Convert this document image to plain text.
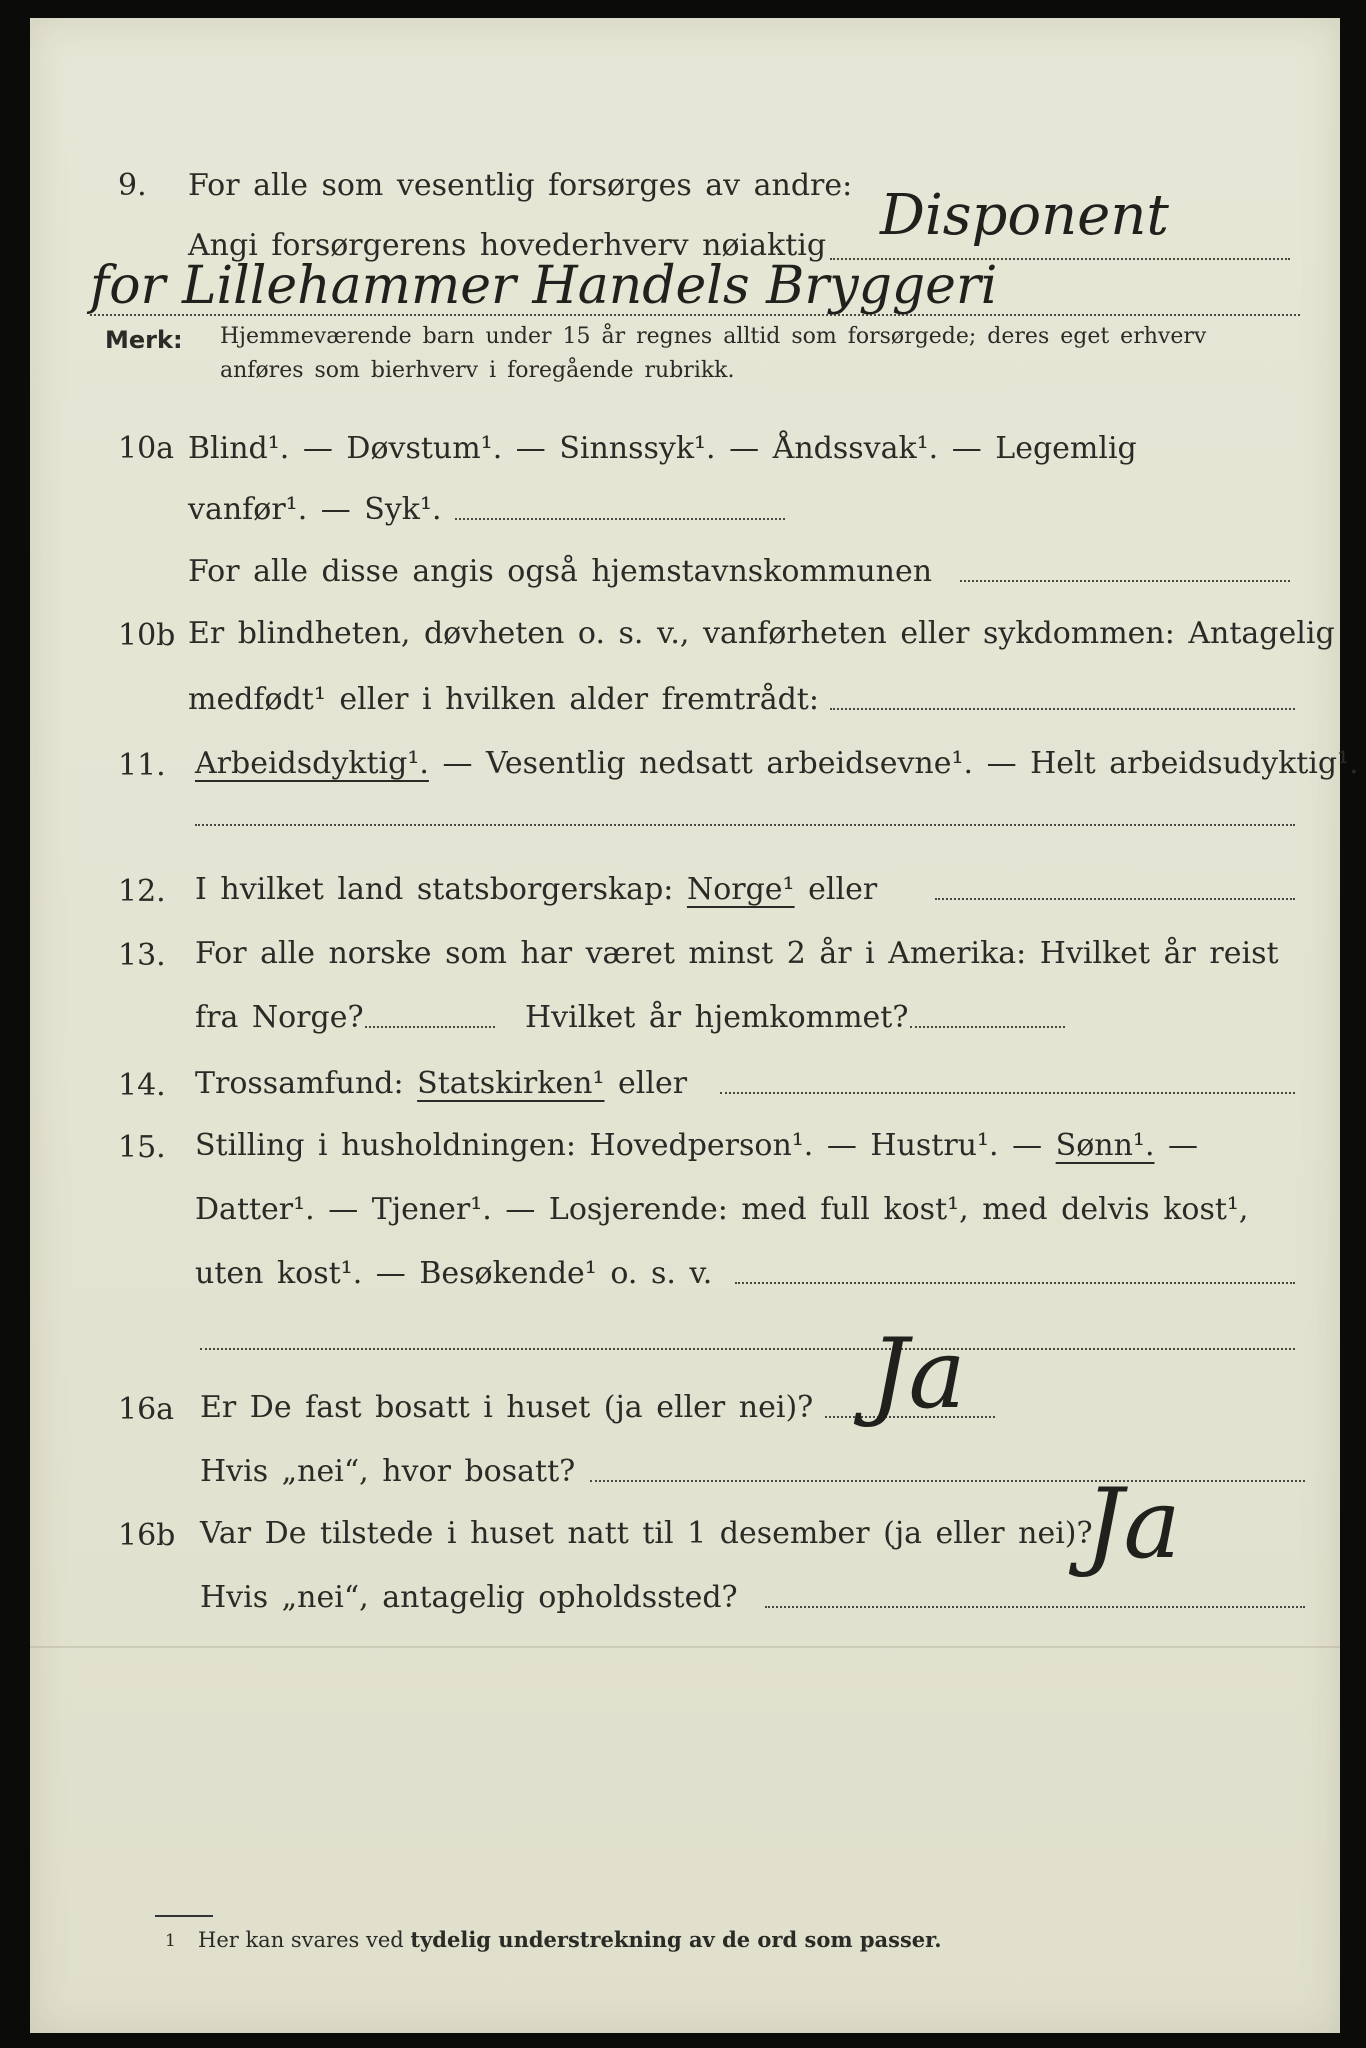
9. For alle som vesentlig forsørges av andre:
Angi forsørgerens hovederhverv nøiaktig Disponent
for Lillehammer Handels Bryggeri
Merk: Hjemmeværende barn under 15 år regnes alltid som forsørgede; deres eget erhverv
anføres som bierhverv i foregående rubrikk.
10a Blind¹. — Døvstum¹. — Sinnssyk¹. — Åndssvak¹. — Legemlig
vanfør¹. — Syk¹.
For alle disse angis også hjemstavnskommunen
10b Er blindheten, døvheten o. s. v., vanførheten eller sykdommen: Antagelig
medfødt¹ eller i hvilken alder fremtrådt:
11. Arbeidsdyktig¹. — Vesentlig nedsatt arbeidsevne¹. — Helt arbeidsudyktig¹.
12. I hvilket land statsborgerskap: Norge¹ eller
13. For alle norske som har været minst 2 år i Amerika: Hvilket år reist
fra Norge?	Hvilket år hjemkommet?
14. Trossamfund: Statskirken¹ eller
15. Stilling i husholdningen: Hovedperson¹. — Hustru¹. — Sønn¹. —
Datter¹. — Tjener¹. — Losjerende: med full kost¹, med delvis kost¹,
uten kost¹. — Besøkende¹ o. s. v.
16a Er De fast bosatt i huset (ja eller nei)? Ja
Hvis „nei“, hvor bosatt?
16b Var De tilstede i huset natt til 1 desember (ja eller nei)?
Ja
Hvis „nei“, antagelig opholdssted?
1 Her kan svares ved tydelig understrekning av de ord som passer.
